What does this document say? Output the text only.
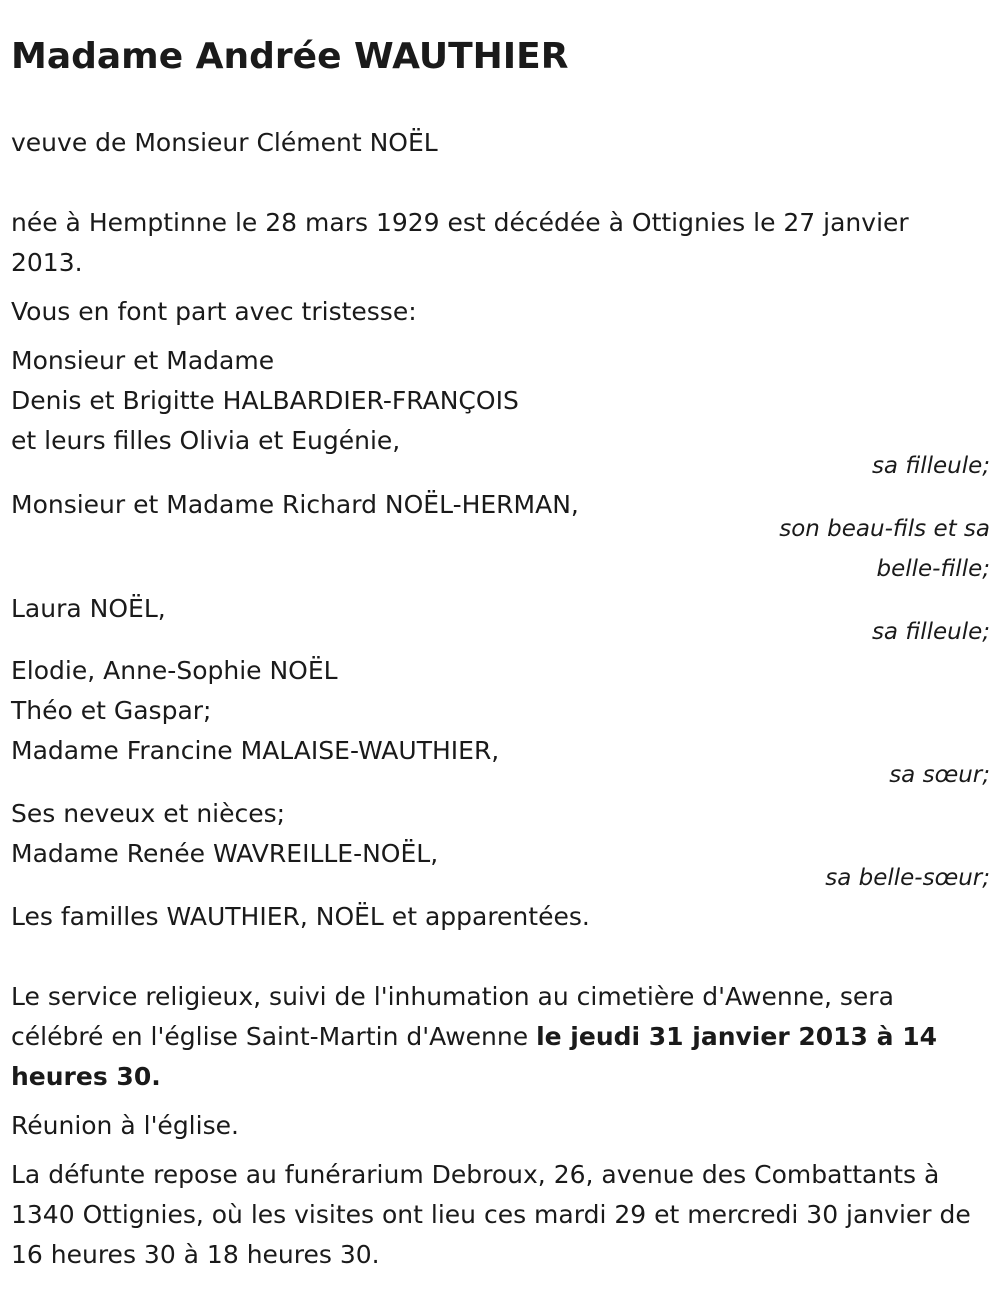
Madame Andrée WAUTHIER
veuve de Monsieur Clément NOËL

née à Hemptinne le 28 mars 1929 est décédée à Ottignies le 27 janvier 2013.

Vous en font part avec tristesse:
Monsieur et Madame
Denis et Brigitte HALBARDIER-FRANÇOIS
et leurs filles Olivia et Eugénie,
sa filleule;
Monsieur et Madame Richard NOËL-HERMAN,
son beau-fils et sa
belle-fille;
Laura NOËL,
sa filleule;
Elodie, Anne-Sophie NOËL
Théo et Gaspar;
Madame Francine MALAISE-WAUTHIER,
sa sœur;
Ses neveux et nièces;
Madame Renée WAVREILLE-NOËL,
sa belle-sœur;
Les familles WAUTHIER, NOËL et apparentées.

Le service religieux, suivi de l'inhumation au cimetière d'Awenne, sera célébré en l'église Saint-Martin d'Awenne le jeudi 31 janvier 2013 à 14 heures 30.

Réunion à l'église.

La défunte repose au funérarium Debroux, 26, avenue des Combattants à 1340 Ottignies, où les visites ont lieu ces mardi 29 et mercredi 30 janvier de 16 heures 30 à 18 heures 30.
